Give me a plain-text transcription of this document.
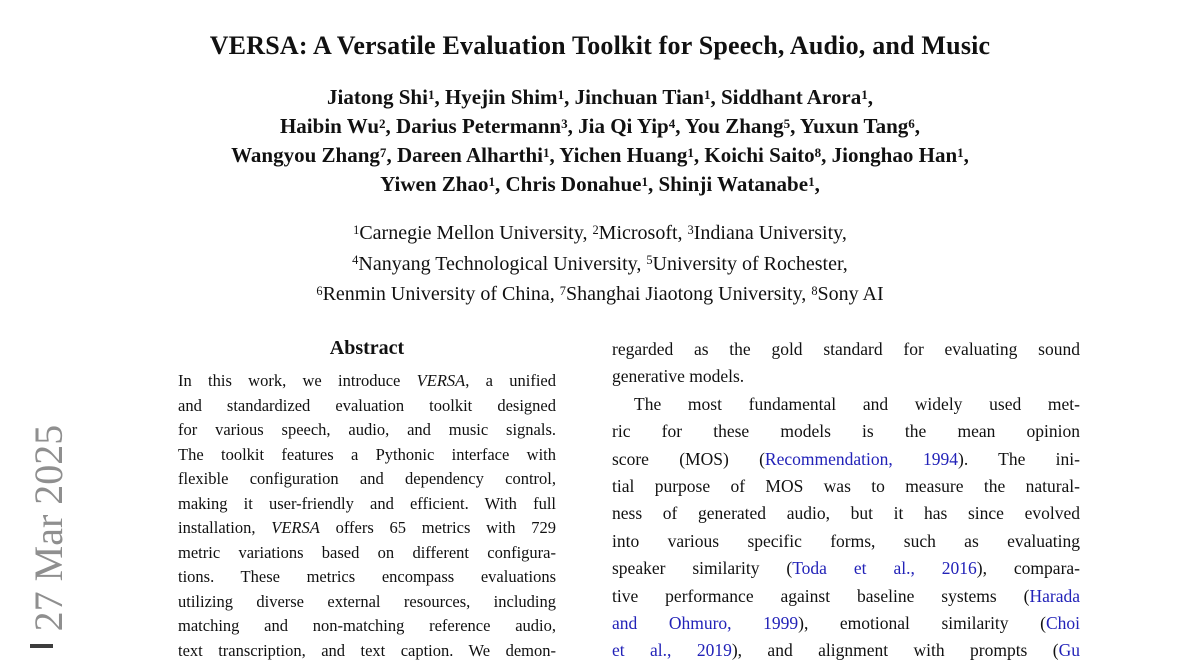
27 Mar 2025
VERSA: A Versatile Evaluation Toolkit for Speech, Audio, and Music
Jiatong Shi$^1$, Hyejin Shim$^1$, Jinchuan Tian$^1$, Siddhant Arora$^1$,
Haibin Wu$^2$, Darius Petermann$^3$, Jia Qi Yip$^4$, You Zhang$^5$, Yuxun Tang$^6$,
Wangyou Zhang$^7$, Dareen Alharthi$^1$, Yichen Huang$^1$, Koichi Saito$^8$, Jionghao Han$^1$,
Yiwen Zhao$^1$, Chris Donahue$^1$, Shinji Watanabe$^1$,
$^1$Carnegie Mellon University, $^2$Microsoft, $^3$Indiana University,
$^4$Nanyang Technological University, $^5$University of Rochester,
$^6$Renmin University of China, $^7$Shanghai Jiaotong University, $^8$Sony AI
Abstract
In this work, we introduce VERSA, a unified
and standardized evaluation toolkit designed
for various speech, audio, and music signals.
The toolkit features a Pythonic interface with
flexible configuration and dependency control,
making it user-friendly and efficient. With full
installation, VERSA offers 65 metrics with 729
metric variations based on different configura-
tions. These metrics encompass evaluations
utilizing diverse external resources, including
matching and non-matching reference audio,
text transcription, and text caption. We demon-
regarded as the gold standard for evaluating sound
generative models.
The most fundamental and widely used met-
ric for these models is the mean opinion
score (MOS) (Recommendation, 1994). The ini-
tial purpose of MOS was to measure the natural-
ness of generated audio, but it has since evolved
into various specific forms, such as evaluating
speaker similarity (Toda et al., 2016), compara-
tive performance against baseline systems (Harada
and Ohmuro, 1999), emotional similarity (Choi
et al., 2019), and alignment with prompts (Gu
